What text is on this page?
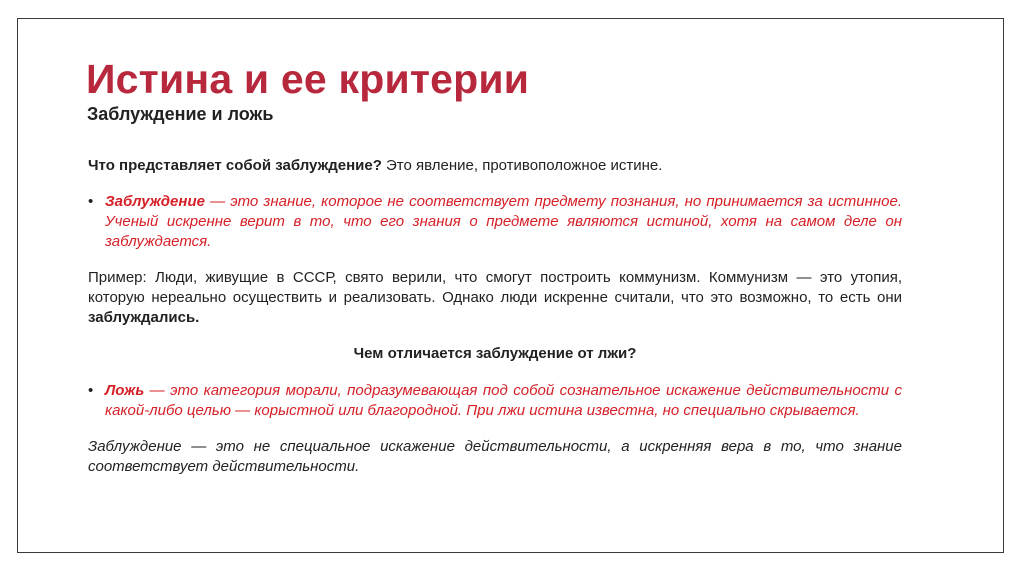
Истина и ее критерии
Заблуждение и ложь

Что представляет собой заблуждение? Это явление, противоположное истине.

• Заблуждение — это знание, которое не соответствует предмету познания, но принимается за истинное. Ученый искренне верит в то, что его знания о предмете являются истиной, хотя на самом деле он заблуждается.

Пример: Люди, живущие в СССР, свято верили, что смогут построить коммунизм. Коммунизм — это утопия, которую нереально осуществить и реализовать. Однако люди искренне считали, что это возможно, то есть они заблуждались.

Чем отличается заблуждение от лжи?

• Ложь — это категория морали, подразумевающая под собой сознательное искажение действительности с какой-либо целью — корыстной или благородной. При лжи истина известна, но специально скрывается.

Заблуждение — это не специальное искажение действительности, а искренняя вера в то, что знание соответствует действительности.
